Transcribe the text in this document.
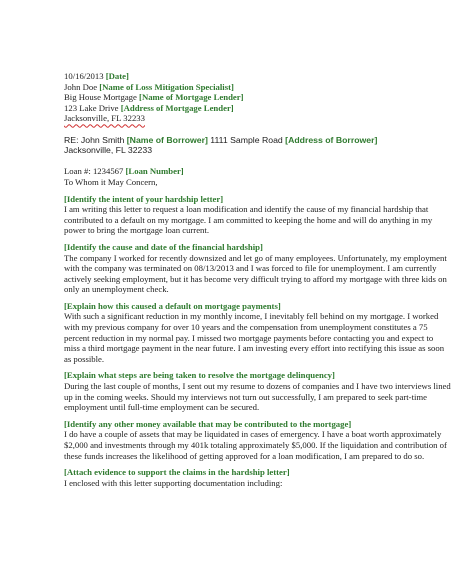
10/16/2013 [Date]
John Doe [Name of Loss Mitigation Specialist]
Big House Mortgage [Name of Mortgage Lender]
123 Lake Drive [Address of Mortgage Lender]
Jacksonville, FL 32233
RE: John Smith [Name of Borrower] 1111 Sample Road [Address of Borrower]
Jacksonville, FL 32233
Loan #: 1234567 [Loan Number]
To Whom it May Concern,
[Identify the intent of your hardship letter]
I am writing this letter to request a loan modification and identify the cause of my financial hardship that
contributed to a default on my mortgage. I am committed to keeping the home and will do anything in my
power to bring the mortgage loan current.
[Identify the cause and date of the financial hardship]
The company I worked for recently downsized and let go of many employees. Unfortunately, my employment
with the company was terminated on 08/13/2013 and I was forced to file for unemployment. I am currently
actively seeking employment, but it has become very difficult trying to afford my mortgage with three kids on
only an unemployment check.
[Explain how this caused a default on mortgage payments]
With such a significant reduction in my monthly income, I inevitably fell behind on my mortgage. I worked
with my previous company for over 10 years and the compensation from unemployment constitutes a 75
percent reduction in my normal pay. I missed two mortgage payments before contacting you and expect to
miss a third mortgage payment in the near future. I am investing every effort into rectifying this issue as soon
as possible.
[Explain what steps are being taken to resolve the mortgage delinquency]
During the last couple of months, I sent out my resume to dozens of companies and I have two interviews lined
up in the coming weeks. Should my interviews not turn out successfully, I am prepared to seek part-time
employment until full-time employment can be secured.
[Identify any other money available that may be contributed to the mortgage]
I do have a couple of assets that may be liquidated in cases of emergency. I have a boat worth approximately
$2,000 and investments through my 401k totaling approximately $5,000. If the liquidation and contribution of
these funds increases the likelihood of getting approved for a loan modification, I am prepared to do so.
[Attach evidence to support the claims in the hardship letter]
I enclosed with this letter supporting documentation including:
